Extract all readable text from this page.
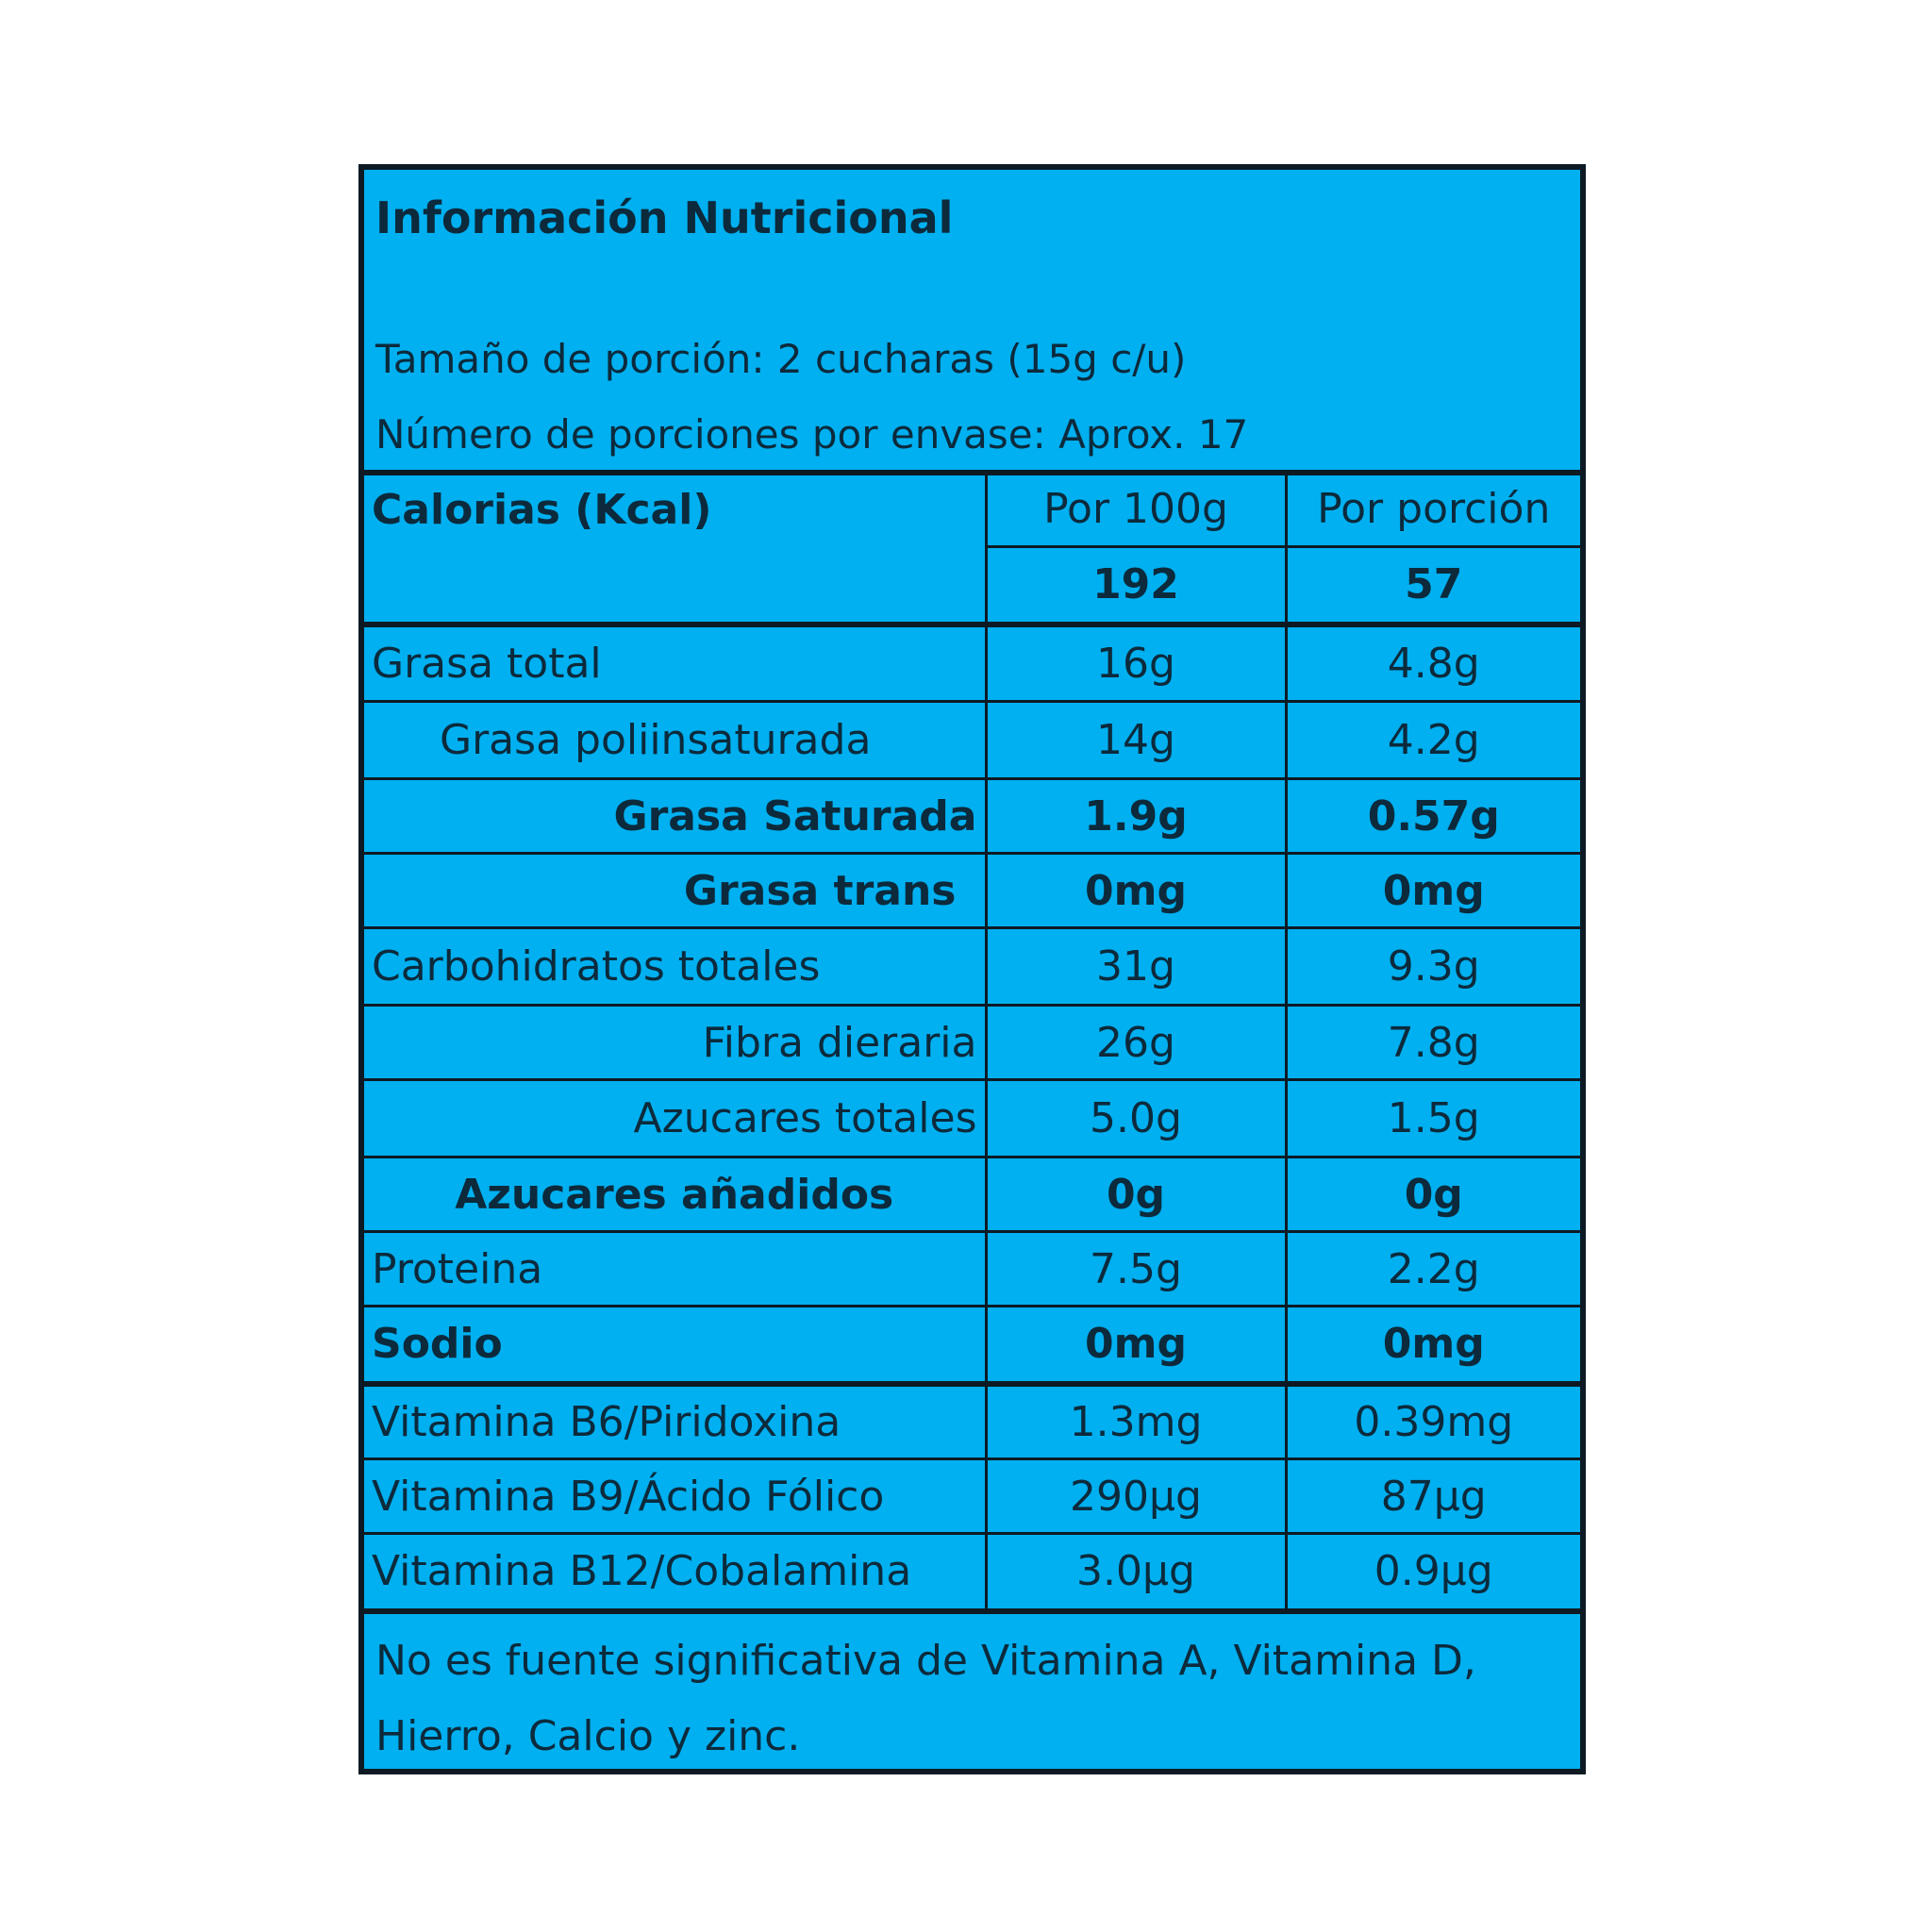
Información Nutricional
Tamaño de porción: 2 cucharas (15g c/u)
Número de porciones por envase: Aprox. 17
Calorias (Kcal)	Por 100g	Por porción
	192	57
Grasa total	16g	4.8g
Grasa poliinsaturada	14g	4.2g
Grasa Saturada	1.9g	0.57g
Grasa trans	0mg	0mg
Carbohidratos totales	31g	9.3g
Fibra dieraria	26g	7.8g
Azucares totales	5.0g	1.5g
Azucares añadidos	0g	0g
Proteina	7.5g	2.2g
Sodio	0mg	0mg
Vitamina B6/Piridoxina	1.3mg	0.39mg
Vitamina B9/Ácido Fólico	290µg	87µg
Vitamina B12/Cobalamina	3.0µg	0.9µg
No es fuente significativa de Vitamina A, Vitamina D, Hierro, Calcio y zinc.		
